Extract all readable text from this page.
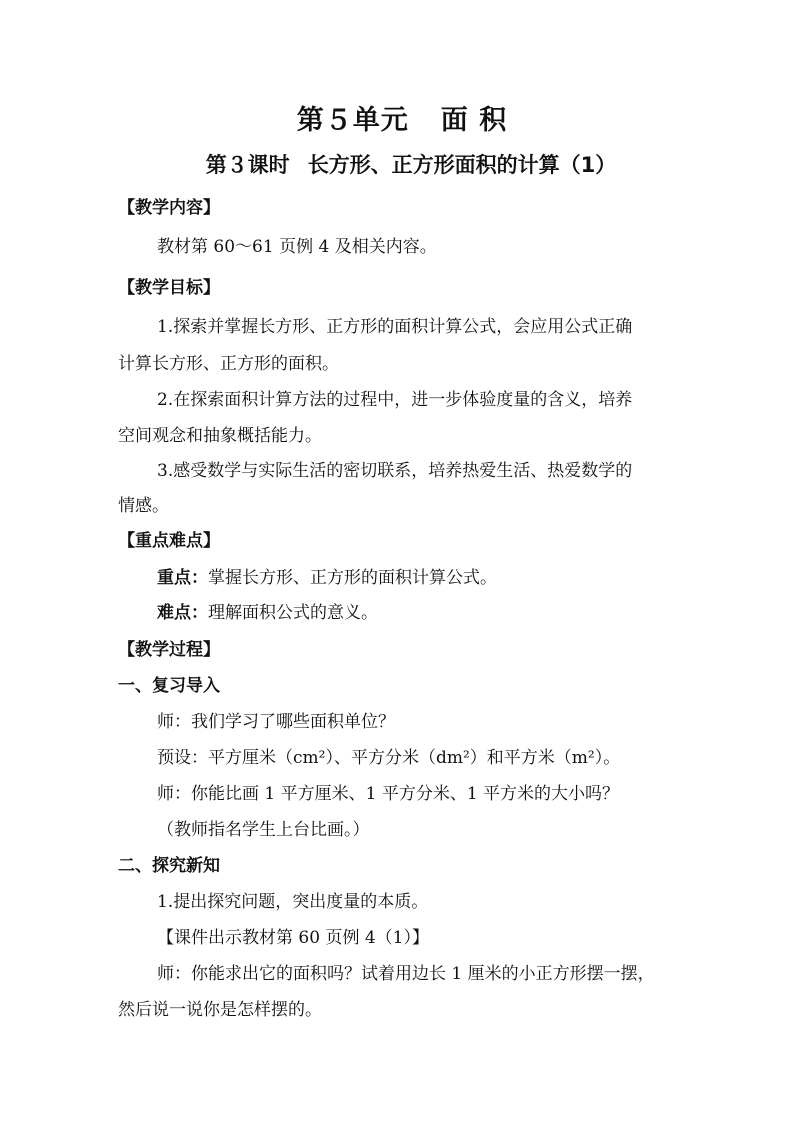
第５单元 面 积
第３课时 长方形、正方形面积的计算（1）
【教学内容】
教材第 60～61 页例 4 及相关内容。
【教学目标】
1.探索并掌握长方形、正方形的面积计算公式，会应用公式正确
计算长方形、正方形的面积。
2.在探索面积计算方法的过程中，进一步体验度量的含义，培养
空间观念和抽象概括能力。
3.感受数学与实际生活的密切联系，培养热爱生活、热爱数学的
情感。
【重点难点】
重点：掌握长方形、正方形的面积计算公式。
难点：理解面积公式的意义。
【教学过程】
一、复习导入
师：我们学习了哪些面积单位？
预设：平方厘米（cm²）、平方分米（dm²）和平方米（m²）。
师：你能比画 1 平方厘米、1 平方分米、1 平方米的大小吗？
（教师指名学生上台比画。）
二、探究新知
1.提出探究问题，突出度量的本质。
【课件出示教材第 60 页例 4（1）】
师：你能求出它的面积吗？试着用边长 1 厘米的小正方形摆一摆，
然后说一说你是怎样摆的。
